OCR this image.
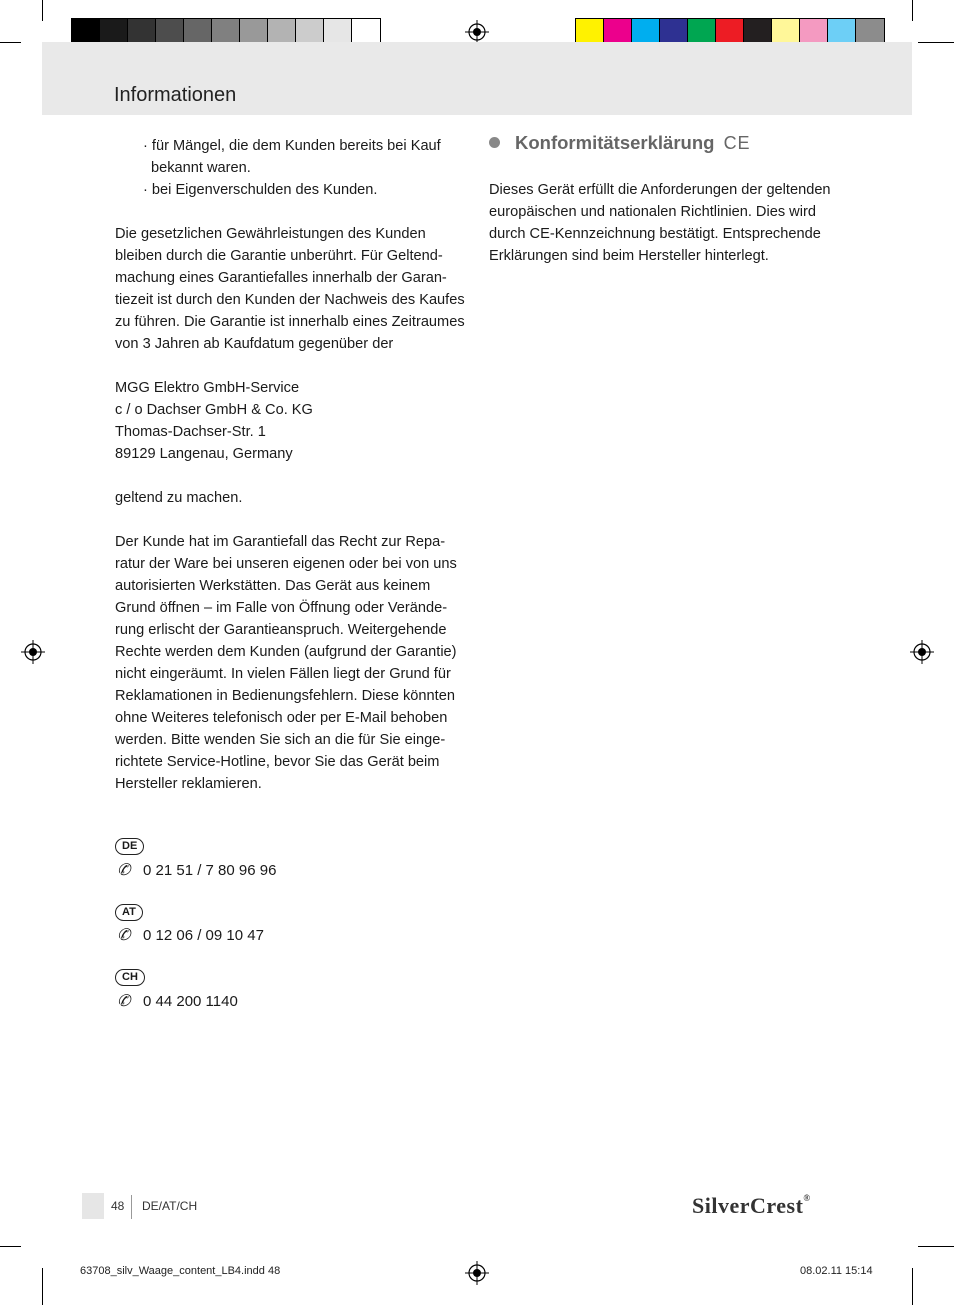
Informationen

· für Mängel, die dem Kunden bereits bei Kauf

bekannt waren.

· bei Eigenverschulden des Kunden.

Die gesetzlichen Gewährleistungen des Kunden

bleiben durch die Garantie unberührt. Für Geltend-

machung eines Garantiefalles innerhalb der Garan-

tiezeit ist durch den Kunden der Nachweis des Kaufes

zu führen. Die Garantie ist innerhalb eines Zeitraumes

von 3 Jahren ab Kaufdatum gegenüber der

MGG Elektro GmbH-Service

c / o Dachser GmbH & Co. KG

Thomas-Dachser-Str. 1

89129 Langenau, Germany

geltend zu machen.

Der Kunde hat im Garantiefall das Recht zur Repa-

ratur der Ware bei unseren eigenen oder bei von uns

autorisierten Werkstätten. Das Gerät aus keinem

Grund öffnen – im Falle von Öffnung oder Verände-

rung erlischt der Garantieanspruch. Weitergehende

Rechte werden dem Kunden (aufgrund der Garantie)

nicht eingeräumt. In vielen Fällen liegt der Grund für

Reklamationen in Bedienungsfehlern. Diese könnten

ohne Weiteres telefonisch oder per E-Mail behoben

werden. Bitte wenden Sie sich an die für Sie einge-

richtete Service-Hotline, bevor Sie das Gerät beim

Hersteller reklamieren.

DE
✆ 0 21 51 / 7 80 96 96
AT
✆ 0 12 06 / 09 10 47
CH
✆ 0 44 200 1140
Konformitätserklärung CE

Dieses Gerät erfüllt die Anforderungen der geltenden

europäischen und nationalen Richtlinien. Dies wird

durch CE-Kennzeichnung bestätigt. Entsprechende

Erklärungen sind beim Hersteller hinterlegt.

48 DE/AT/CH	SilverCrest®
63708_silv_Waage_content_LB4.indd 48	08.02.11 15:14
